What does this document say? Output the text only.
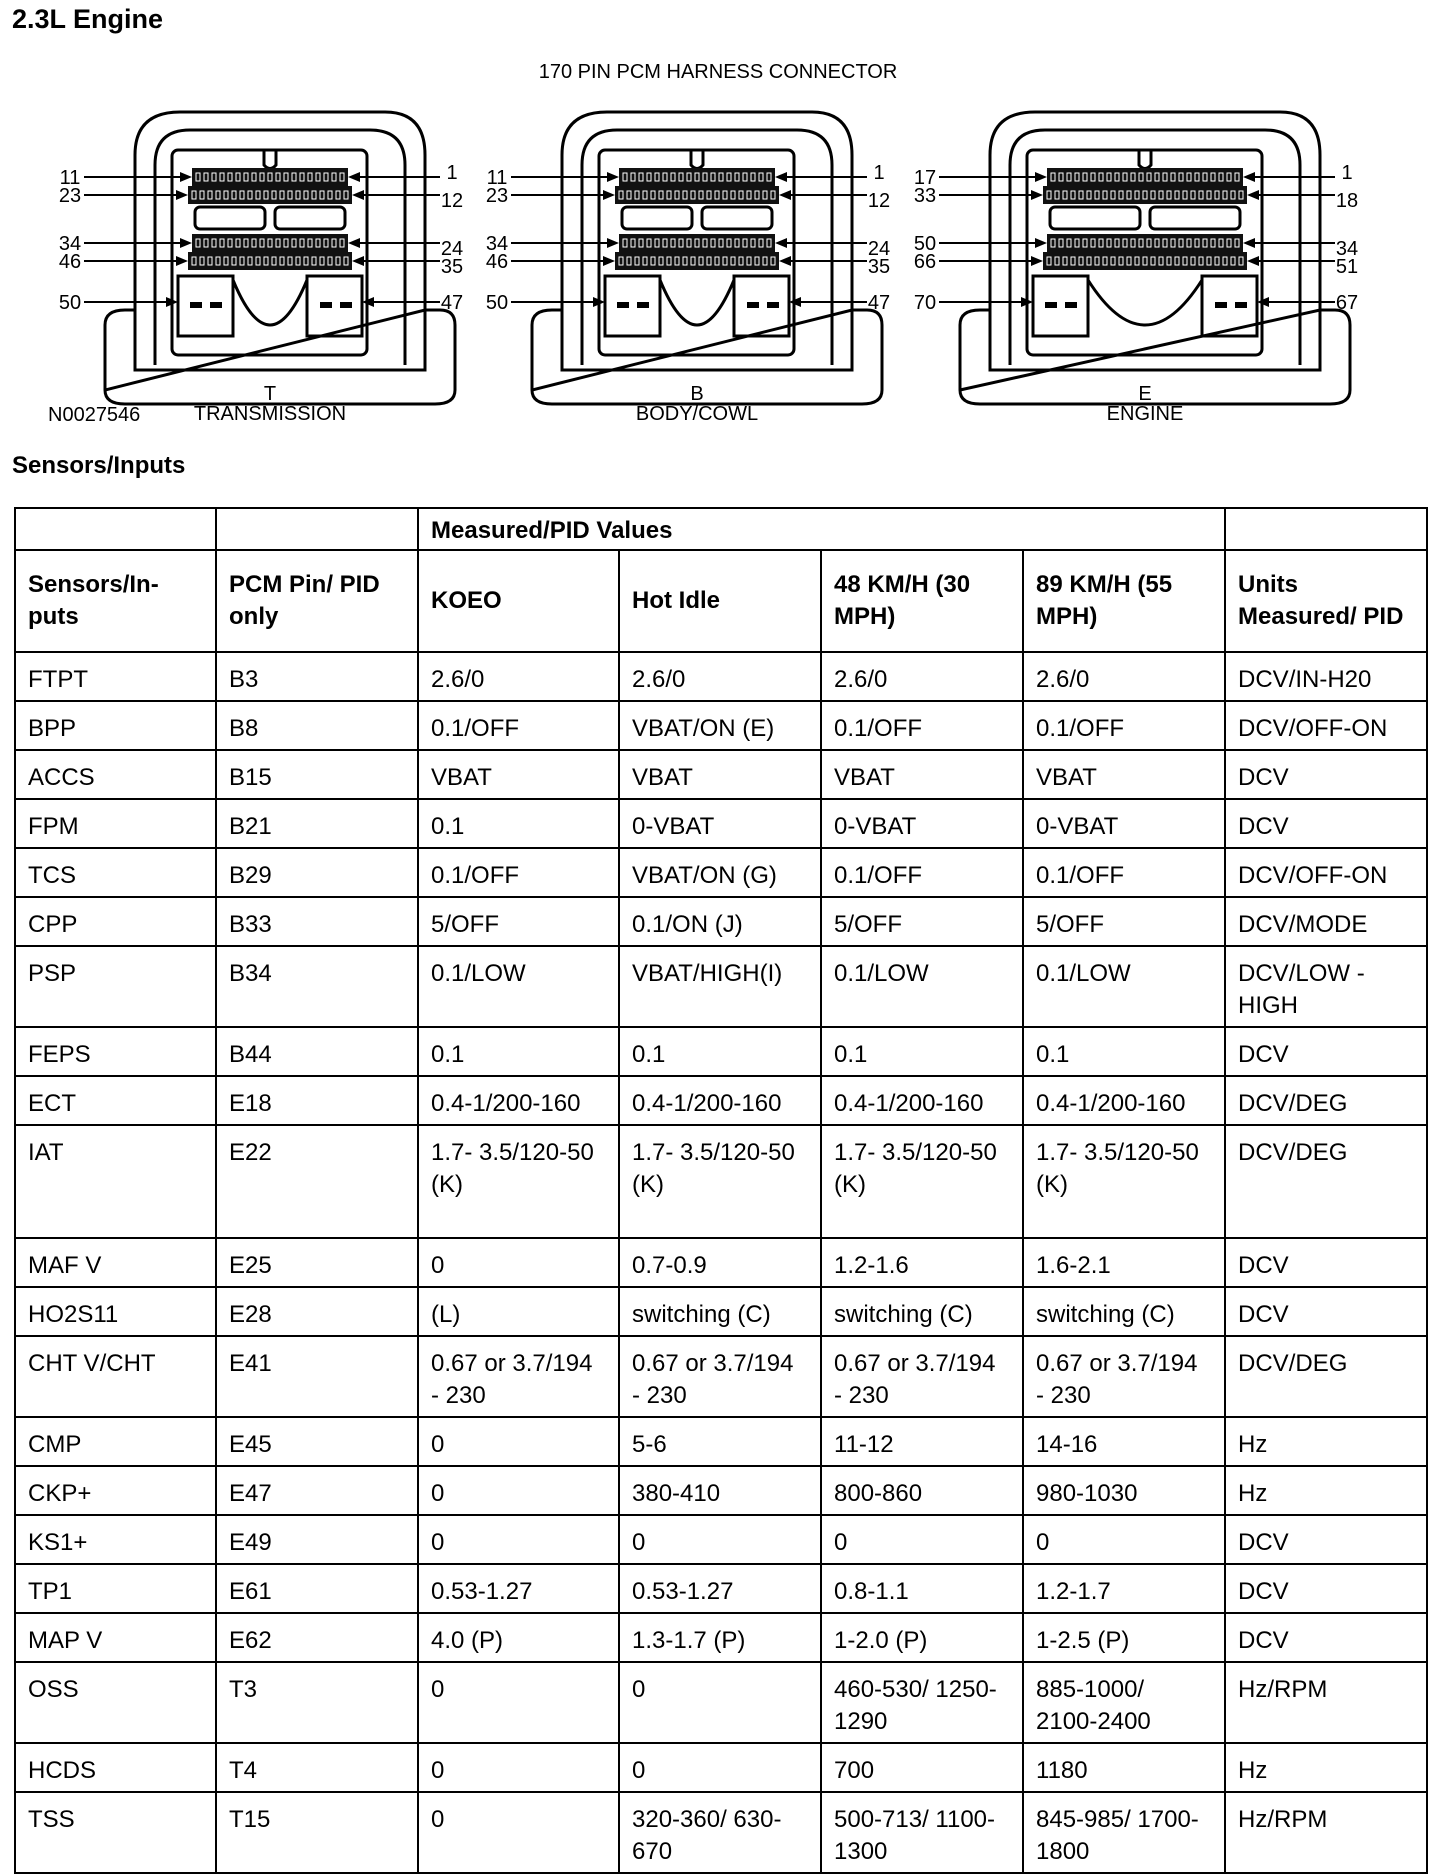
2.3L Engine
170 PIN PCM HARNESS CONNECTOR
N0027546
11
23
34
46
50
1
12
24
35
47
T
TRANSMISSION
11
23
34
46
50
1
12
24
35
47
B
BODY/COWL
17
33
50
66
70
1
18
34
51
67
E
ENGINE
Sensors/Inputs
		Measured/PID Values				
Sensors/In-puts	PCM Pin/ PID only	KOEO	Hot Idle	48 KM/H (30 MPH)	89 KM/H (55 MPH)	Units Measured/ PID
FTPT	B3	2.6/0	2.6/0	2.6/0	2.6/0	DCV/IN-H20
BPP	B8	0.1/OFF	VBAT/ON (E)	0.1/OFF	0.1/OFF	DCV/OFF-ON
ACCS	B15	VBAT	VBAT	VBAT	VBAT	DCV
FPM	B21	0.1	0-VBAT	0-VBAT	0-VBAT	DCV
TCS	B29	0.1/OFF	VBAT/ON (G)	0.1/OFF	0.1/OFF	DCV/OFF-ON
CPP	B33	5/OFF	0.1/ON (J)	5/OFF	5/OFF	DCV/MODE
PSP	B34	0.1/LOW	VBAT/HIGH(I)	0.1/LOW	0.1/LOW	DCV/LOW -HIGH
FEPS	B44	0.1	0.1	0.1	0.1	DCV
ECT	E18	0.4-1/200-160	0.4-1/200-160	0.4-1/200-160	0.4-1/200-160	DCV/DEG
IAT	E22	1.7- 3.5/120-50 (K)	1.7- 3.5/120-50 (K)	1.7- 3.5/120-50 (K)	1.7- 3.5/120-50 (K)	DCV/DEG
MAF V	E25	0	0.7-0.9	1.2-1.6	1.6-2.1	DCV
HO2S11	E28	(L)	switching (C)	switching (C)	switching (C)	DCV
CHT V/CHT	E41	0.67 or 3.7/194 - 230	0.67 or 3.7/194 - 230	0.67 or 3.7/194 - 230	0.67 or 3.7/194 - 230	DCV/DEG
CMP	E45	0	5-6	11-12	14-16	Hz
CKP+	E47	0	380-410	800-860	980-1030	Hz
KS1+	E49	0	0	0	0	DCV
TP1	E61	0.53-1.27	0.53-1.27	0.8-1.1	1.2-1.7	DCV
MAP V	E62	4.0 (P)	1.3-1.7 (P)	1-2.0 (P)	1-2.5 (P)	DCV
OSS	T3	0	0	460-530/ 1250-1290	885-1000/ 2100-2400	Hz/RPM
HCDS	T4	0	0	700	1180	Hz
TSS	T15	0	320-360/ 630-670	500-713/ 1100-1300	845-985/ 1700-1800	Hz/RPM
